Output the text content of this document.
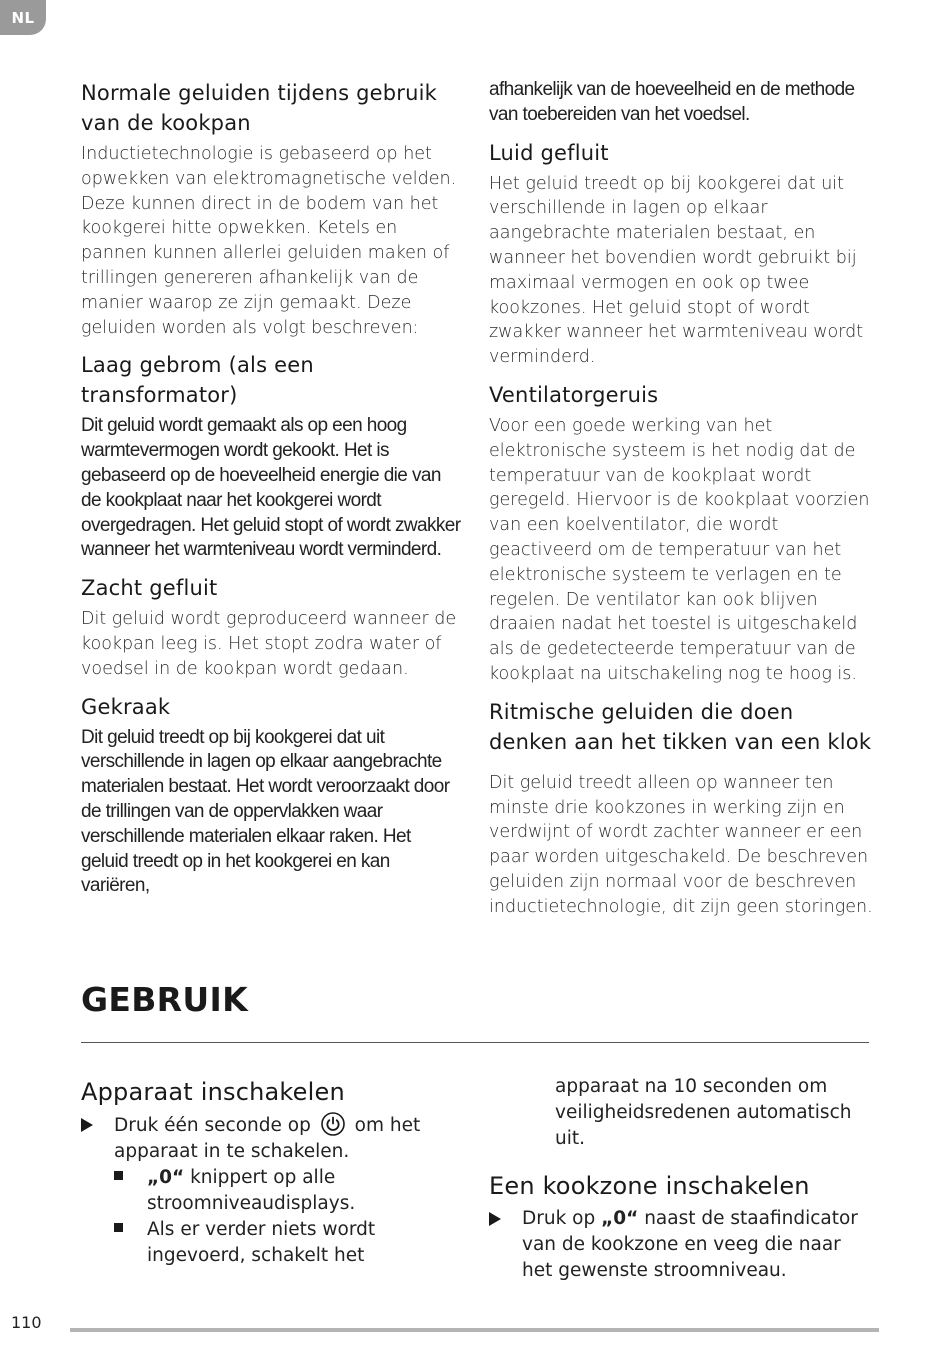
NL
Normale geluiden tijdens gebruik van de kookpan

Inductietechnologie is gebaseerd op het opwekken van elektromagnetische velden. Deze kunnen direct in de bodem van het kookgerei hitte opwekken. Ketels en pannen kunnen allerlei geluiden maken of trillingen genereren afhankelijk van de manier waarop ze zijn gemaakt. Deze geluiden worden als volgt beschreven:

Laag gebrom (als een transformator)

Dit geluid wordt gemaakt als op een hoog warmtevermogen wordt gekookt. Het is gebaseerd op de hoeveelheid energie die van de kookplaat naar het kookgerei wordt overgedragen. Het geluid stopt of wordt zwakker wanneer het warmteniveau wordt verminderd.

Zacht gefluit

Dit geluid wordt geproduceerd wanneer de kookpan leeg is. Het stopt zodra water of voedsel in de kookpan wordt gedaan.

Gekraak

Dit geluid treedt op bij kookgerei dat uit verschillende in lagen op elkaar aangebrachte materialen bestaat. Het wordt veroorzaakt door de trillingen van de oppervlakken waar verschillende materialen elkaar raken. Het geluid treedt op in het kookgerei en kan variëren,

afhankelijk van de hoeveelheid en de methode van toebereiden van het voedsel.

Luid gefluit

Het geluid treedt op bij kookgerei dat uit verschillende in lagen op elkaar aangebrachte materialen bestaat, en wanneer het bovendien wordt gebruikt bij maximaal vermogen en ook op twee kookzones. Het geluid stopt of wordt zwakker wanneer het warmteniveau wordt verminderd.

Ventilatorgeruis

Voor een goede werking van het elektronische systeem is het nodig dat de temperatuur van de kookplaat wordt geregeld. Hiervoor is de kookplaat voorzien van een koelventilator, die wordt geactiveerd om de temperatuur van het elektronische systeem te verlagen en te regelen. De ventilator kan ook blijven draaien nadat het toestel is uitgeschakeld als de gedetecteerde temperatuur van de kookplaat na uitschakeling nog te hoog is.

Ritmische geluiden die doen denken aan het tikken van een klok

Dit geluid treedt alleen op wanneer ten minste drie kookzones in werking zijn en verdwijnt of wordt zachter wanneer er een paar worden uitgeschakeld. De beschreven geluiden zijn normaal voor de beschreven inductietechnologie, dit zijn geen storingen.

GEBRUIK
Apparaat inschakelen
Druk één seconde op om het apparaat in te schakelen.
„0“ knippert op alle stroomniveaudisplays.
Als er verder niets wordt ingevoerd, schakelt het
apparaat na 10 seconden om veiligheidsredenen automatisch uit.
Een kookzone inschakelen
Druk op „0“ naast de staafindicator van de kookzone en veeg die naar het gewenste stroomniveau.
110
